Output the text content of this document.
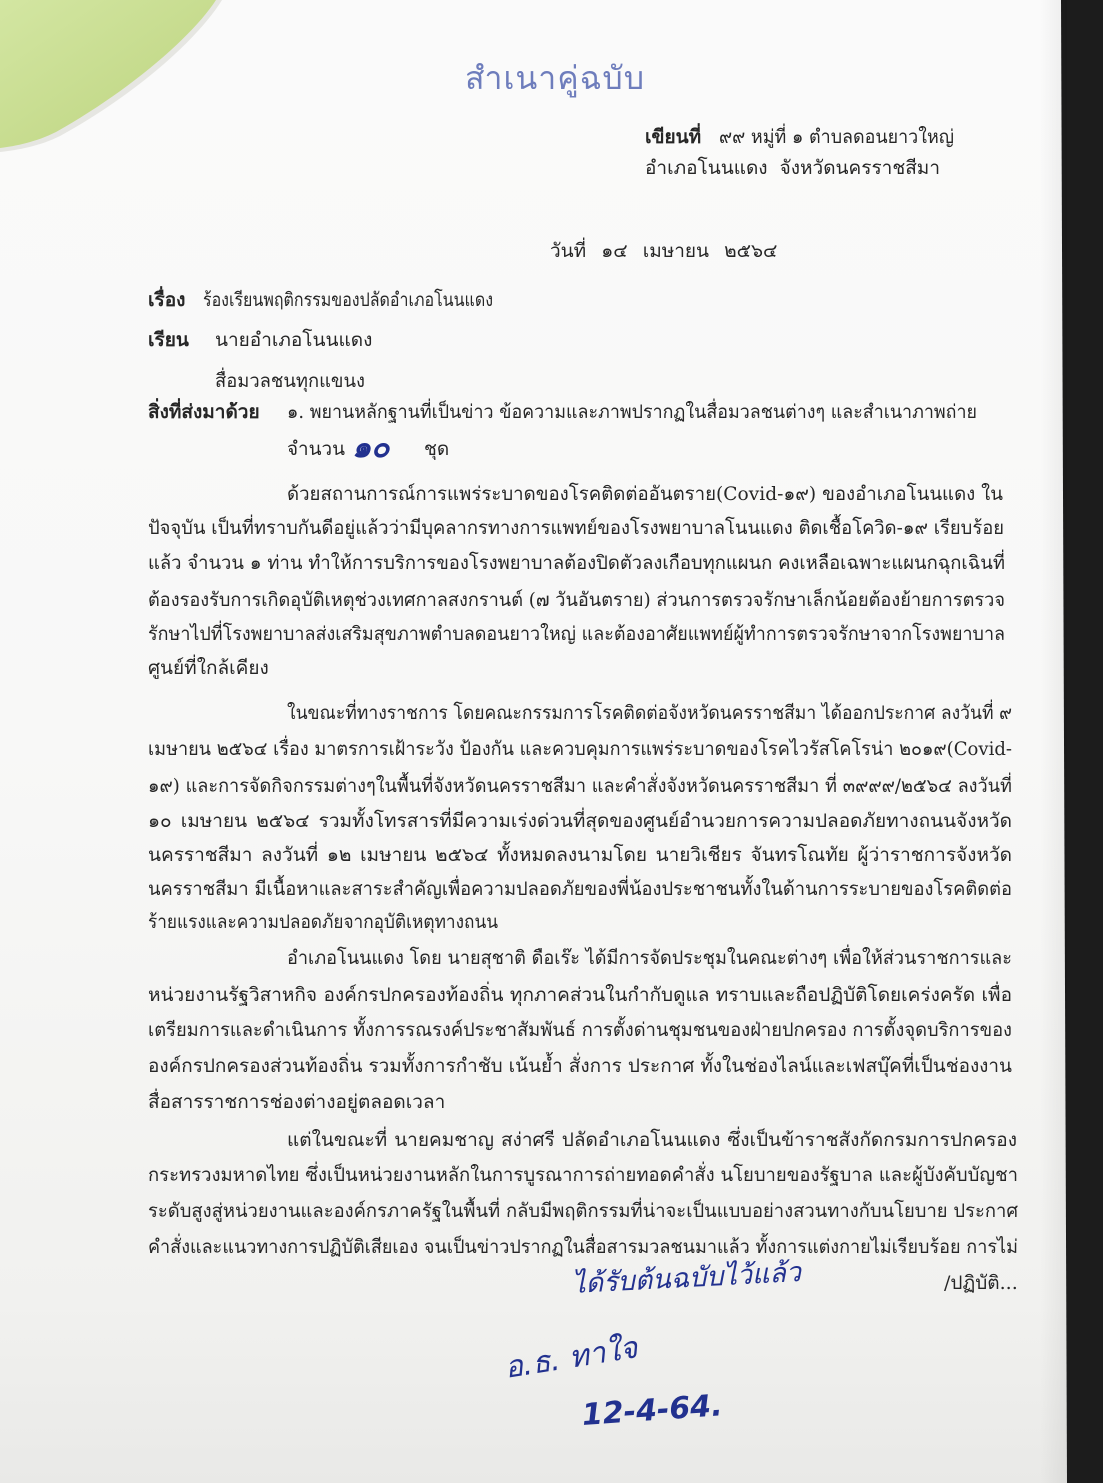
สำเนาคู่ฉบับ
เขียนที่ ๙๙ หมู่ที่ ๑ ตำบลดอนยาวใหญ่
อำเภอโนนแดง จังหวัดนครราชสีมา
วันที่ ๑๔ เมษายน ๒๕๖๔
เรื่อง ร้องเรียนพฤติกรรมของปลัดอำเภอโนนแดง
เรียน	นายอำเภอโนนแดง
สื่อมวลชนทุกแขนง
สิ่งที่ส่งมาด้วย	๑. พยานหลักฐานที่เป็นข่าว ข้อความและภาพปรากฏในสื่อมวลชนต่างๆ และสำเนาภาพถ่าย
จำนวน ๑๐ ชุด
ด้วยสถานการณ์การแพร่ระบาดของโรคติดต่ออันตราย(Covid-๑๙) ของอำเภอโนนแดง ใน
ปัจจุบัน เป็นที่ทราบกันดีอยู่แล้วว่ามีบุคลากรทางการแพทย์ของโรงพยาบาลโนนแดง ติดเชื้อโควิด-๑๙ เรียบร้อย
แล้ว จำนวน ๑ ท่าน ทำให้การบริการของโรงพยาบาลต้องปิดตัวลงเกือบทุกแผนก คงเหลือเฉพาะแผนกฉุกเฉินที่
ต้องรองรับการเกิดอุบัติเหตุช่วงเทศกาลสงกรานต์ (๗ วันอันตราย) ส่วนการตรวจรักษาเล็กน้อยต้องย้ายการตรวจ
รักษาไปที่โรงพยาบาลส่งเสริมสุขภาพตำบลดอนยาวใหญ่ และต้องอาศัยแพทย์ผู้ทำการตรวจรักษาจากโรงพยาบาล
ศูนย์ที่ใกล้เคียง
ในขณะที่ทางราชการ โดยคณะกรรมการโรคติดต่อจังหวัดนครราชสีมา ได้ออกประกาศ ลงวันที่ ๙
เมษายน ๒๕๖๔ เรื่อง มาตรการเฝ้าระวัง ป้องกัน และควบคุมการแพร่ระบาดของโรคไวรัสโคโรน่า ๒๐๑๙(Covid-
๑๙) และการจัดกิจกรรมต่างๆในพื้นที่จังหวัดนครราชสีมา และคำสั่งจังหวัดนครราชสีมา ที่ ๓๙๙๙/๒๕๖๔ ลงวันที่
๑๐ เมษายน ๒๕๖๔ รวมทั้งโทรสารที่มีความเร่งด่วนที่สุดของศูนย์อำนวยการความปลอดภัยทางถนนจังหวัด
นครราชสีมา ลงวันที่ ๑๒ เมษายน ๒๕๖๔ ทั้งหมดลงนามโดย นายวิเชียร จันทรโณทัย ผู้ว่าราชการจังหวัด
นครราชสีมา มีเนื้อหาและสาระสำคัญเพื่อความปลอดภัยของพี่น้องประชาชนทั้งในด้านการระบายของโรคติดต่อ
ร้ายแรงและความปลอดภัยจากอุบัติเหตุทางถนน
อำเภอโนนแดง โดย นายสุชาติ ดือเร๊ะ ได้มีการจัดประชุมในคณะต่างๆ เพื่อให้ส่วนราชการและ
หน่วยงานรัฐวิสาหกิจ องค์กรปกครองท้องถิ่น ทุกภาคส่วนในกำกับดูแล ทราบและถือปฏิบัติโดยเคร่งครัด เพื่อ
เตรียมการและดำเนินการ ทั้งการรณรงค์ประชาสัมพันธ์ การตั้งด่านชุมชนของฝ่ายปกครอง การตั้งจุดบริการของ
องค์กรปกครองส่วนท้องถิ่น รวมทั้งการกำชับ เน้นย้ำ สั่งการ ประกาศ ทั้งในช่องไลน์และเฟสบุ๊คที่เป็นช่องงาน
สื่อสารราชการช่องต่างอยู่ตลอดเวลา
แต่ในขณะที่ นายคมชาญ สง่าศรี ปลัดอำเภอโนนแดง ซึ่งเป็นข้าราชสังกัดกรมการปกครอง
กระทรวงมหาดไทย ซึ่งเป็นหน่วยงานหลักในการบูรณาการถ่ายทอดคำสั่ง นโยบายของรัฐบาล และผู้บังคับบัญชา
ระดับสูงสู่หน่วยงานและองค์กรภาครัฐในพื้นที่ กลับมีพฤติกรรมที่น่าจะเป็นแบบอย่างสวนทางกับนโยบาย ประกาศ
คำสั่งและแนวทางการปฏิบัติเสียเอง จนเป็นข่าวปรากฏในสื่อสารมวลชนมาแล้ว ทั้งการแต่งกายไม่เรียบร้อย การไม่
/ปฏิบัติ...
ได้รับต้นฉบับไว้แล้ว
อ.ธ. ทาใจ
12-4-64.
